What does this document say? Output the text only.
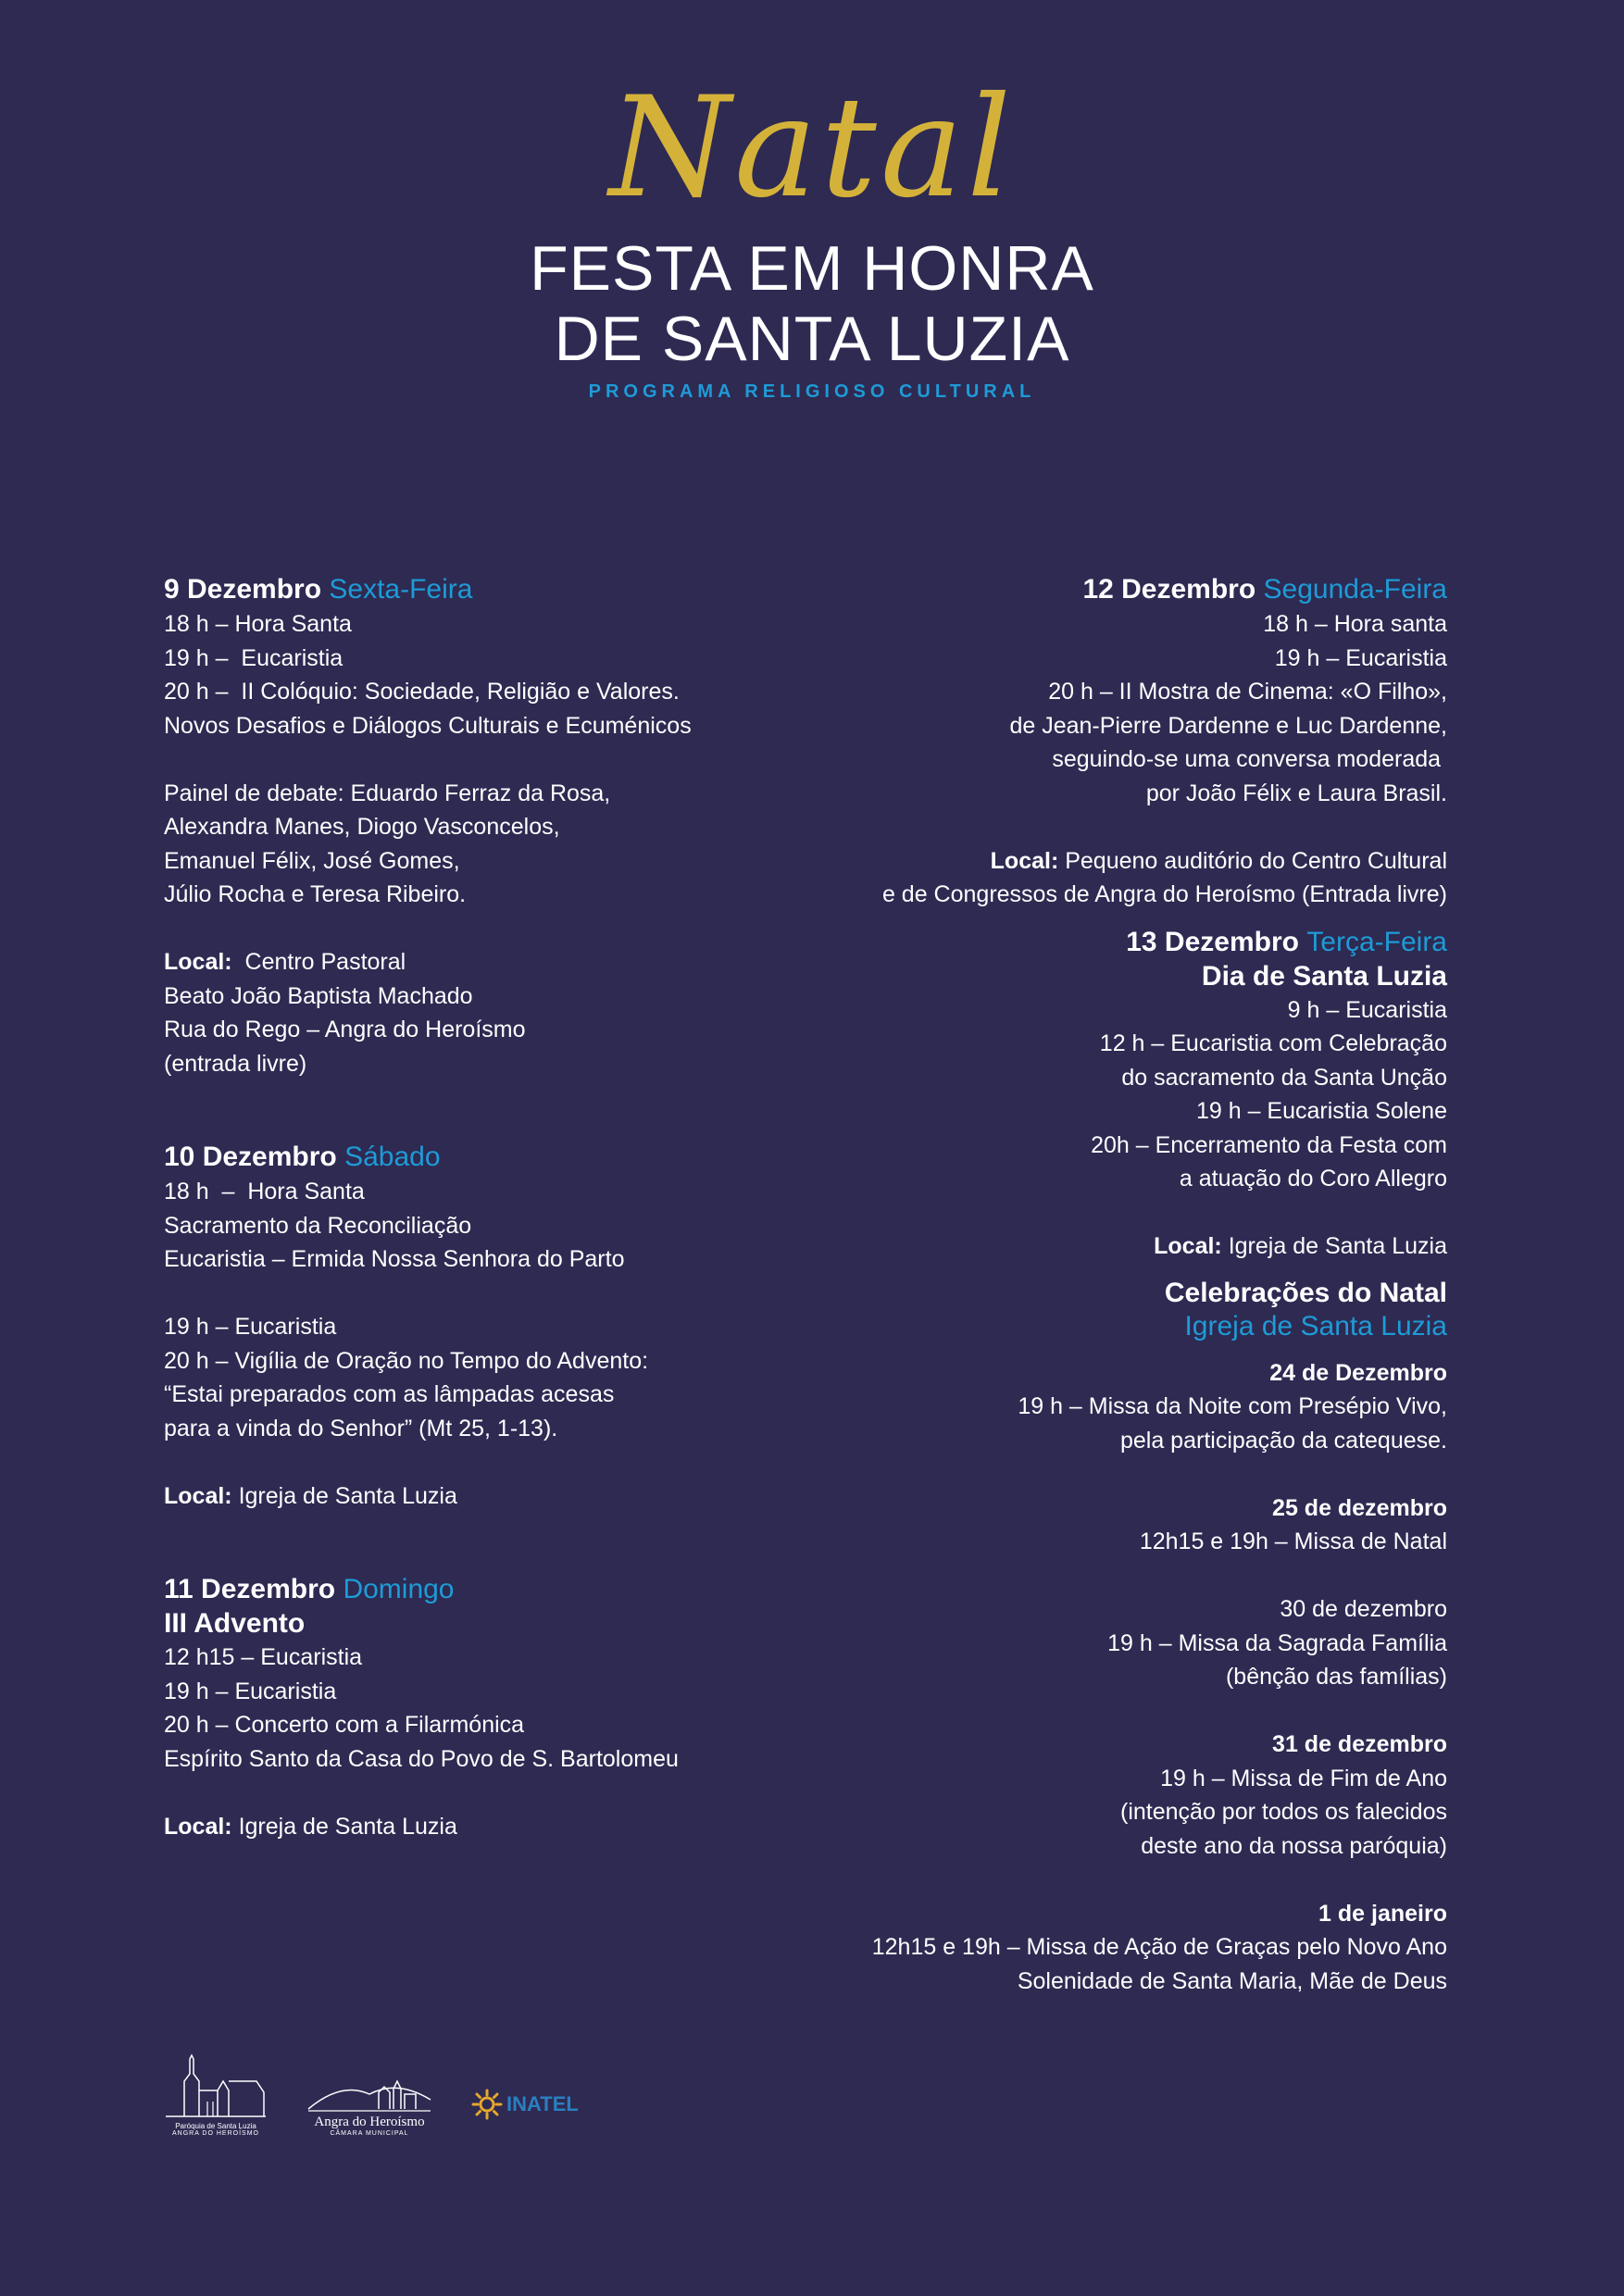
Natal
FESTA EM HONRA
DE SANTA LUZIA
PROGRAMA RELIGIOSO CULTURAL

9 Dezembro Sexta-Feira

18 h – Hora Santa

19 h –  Eucaristia

20 h –  II Colóquio: Sociedade, Religião e Valores.

Novos Desafios e Diálogos Culturais e Ecuménicos

Painel de debate: Eduardo Ferraz da Rosa,

Alexandra Manes, Diogo Vasconcelos,

Emanuel Félix, José Gomes,

Júlio Rocha e Teresa Ribeiro.

Local:  Centro Pastoral

Beato João Baptista Machado

Rua do Rego – Angra do Heroísmo

(entrada livre)

10 Dezembro Sábado

18 h  –  Hora Santa

Sacramento da Reconciliação

Eucaristia – Ermida Nossa Senhora do Parto

19 h – Eucaristia

20 h – Vigília de Oração no Tempo do Advento:

“Estai preparados com as lâmpadas acesas

para a vinda do Senhor” (Mt 25, 1-13).

Local: Igreja de Santa Luzia

11 Dezembro Domingo

III Advento

12 h15 – Eucaristia

19 h – Eucaristia

20 h – Concerto com a Filarmónica

Espírito Santo da Casa do Povo de S. Bartolomeu

Local: Igreja de Santa Luzia

12 Dezembro Segunda-Feira

18 h – Hora santa

19 h – Eucaristia

20 h – II Mostra de Cinema: «O Filho»,

de Jean-Pierre Dardenne e Luc Dardenne,

seguindo-se uma conversa moderada

por João Félix e Laura Brasil.

Local: Pequeno auditório do Centro Cultural

e de Congressos de Angra do Heroísmo (Entrada livre)

13 Dezembro Terça-Feira

Dia de Santa Luzia

9 h – Eucaristia

12 h – Eucaristia com Celebração

do sacramento da Santa Unção

19 h – Eucaristia Solene

20h – Encerramento da Festa com

a atuação do Coro Allegro

Local: Igreja de Santa Luzia

Celebrações do Natal

Igreja de Santa Luzia

24 de Dezembro

19 h – Missa da Noite com Presépio Vivo,

pela participação da catequese.

25 de dezembro

12h15 e 19h – Missa de Natal

30 de dezembro

19 h – Missa da Sagrada Família

(bênção das famílias)

31 de dezembro

19 h – Missa de Fim de Ano

(intenção por todos os falecidos

deste ano da nossa paróquia)

1 de janeiro

12h15 e 19h – Missa de Ação de Graças pelo Novo Ano

Solenidade de Santa Maria, Mãe de Deus

Paróquia de Santa Luzia
ANGRA DO HEROÍSMO
Angra do Heroísmo
CÂMARA MUNICIPAL
INATEL
